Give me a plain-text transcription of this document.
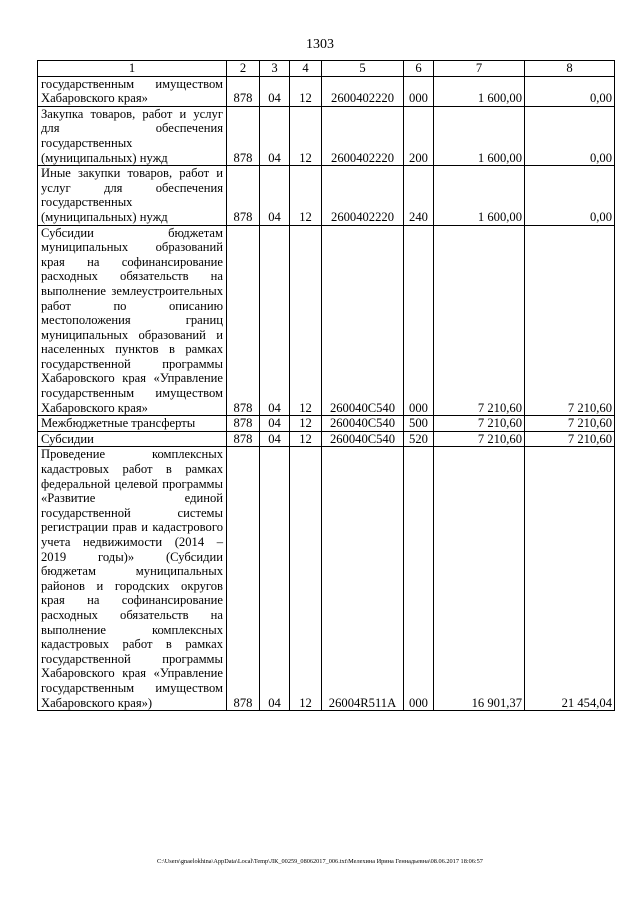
1303
1	2	3	4	5	6	7	8
государственным имуществом Хабаровского края»	878	04	12	2600402220	000	1 600,00	0,00
Закупка товаров, работ и услуг для обеспечения государственных (муниципальных) нужд	878	04	12	2600402220	200	1 600,00	0,00
Иные закупки товаров, работ и услуг для обеспечения государственных (муниципальных) нужд	878	04	12	2600402220	240	1 600,00	0,00
Субсидии бюджетам муниципальных образований края на софинансирование расходных обязательств на выполнение землеустроительных работ по описанию местоположения границ муниципальных образований и населенных пунктов в рамках государственной программы Хабаровского края «Управление государственным имуществом Хабаровского края»	878	04	12	260040С540	000	7 210,60	7 210,60
Межбюджетные трансферты	878	04	12	260040С540	500	7 210,60	7 210,60
Субсидии	878	04	12	260040С540	520	7 210,60	7 210,60
Проведение комплексных кадастровых работ в рамках федеральной целевой программы «Развитие единой государственной системы регистрации прав и кадастрового учета недвижимости (2014 – 2019 годы)» (Субсидии бюджетам муниципальных районов и городских округов края на софинансирование расходных обязательств на выполнение комплексных кадастровых работ в рамках государственной программы Хабаровского края «Управление государственным имуществом Хабаровского края»)	878	04	12	26004R511A	000	16 901,37	21 454,04
C:\Users\gnaelokhina\AppData\Local\Temp\ЛК_00259_08062017_006.txt\Мелехина Ирина Геннадьевна\08.06.2017 18:06:57
